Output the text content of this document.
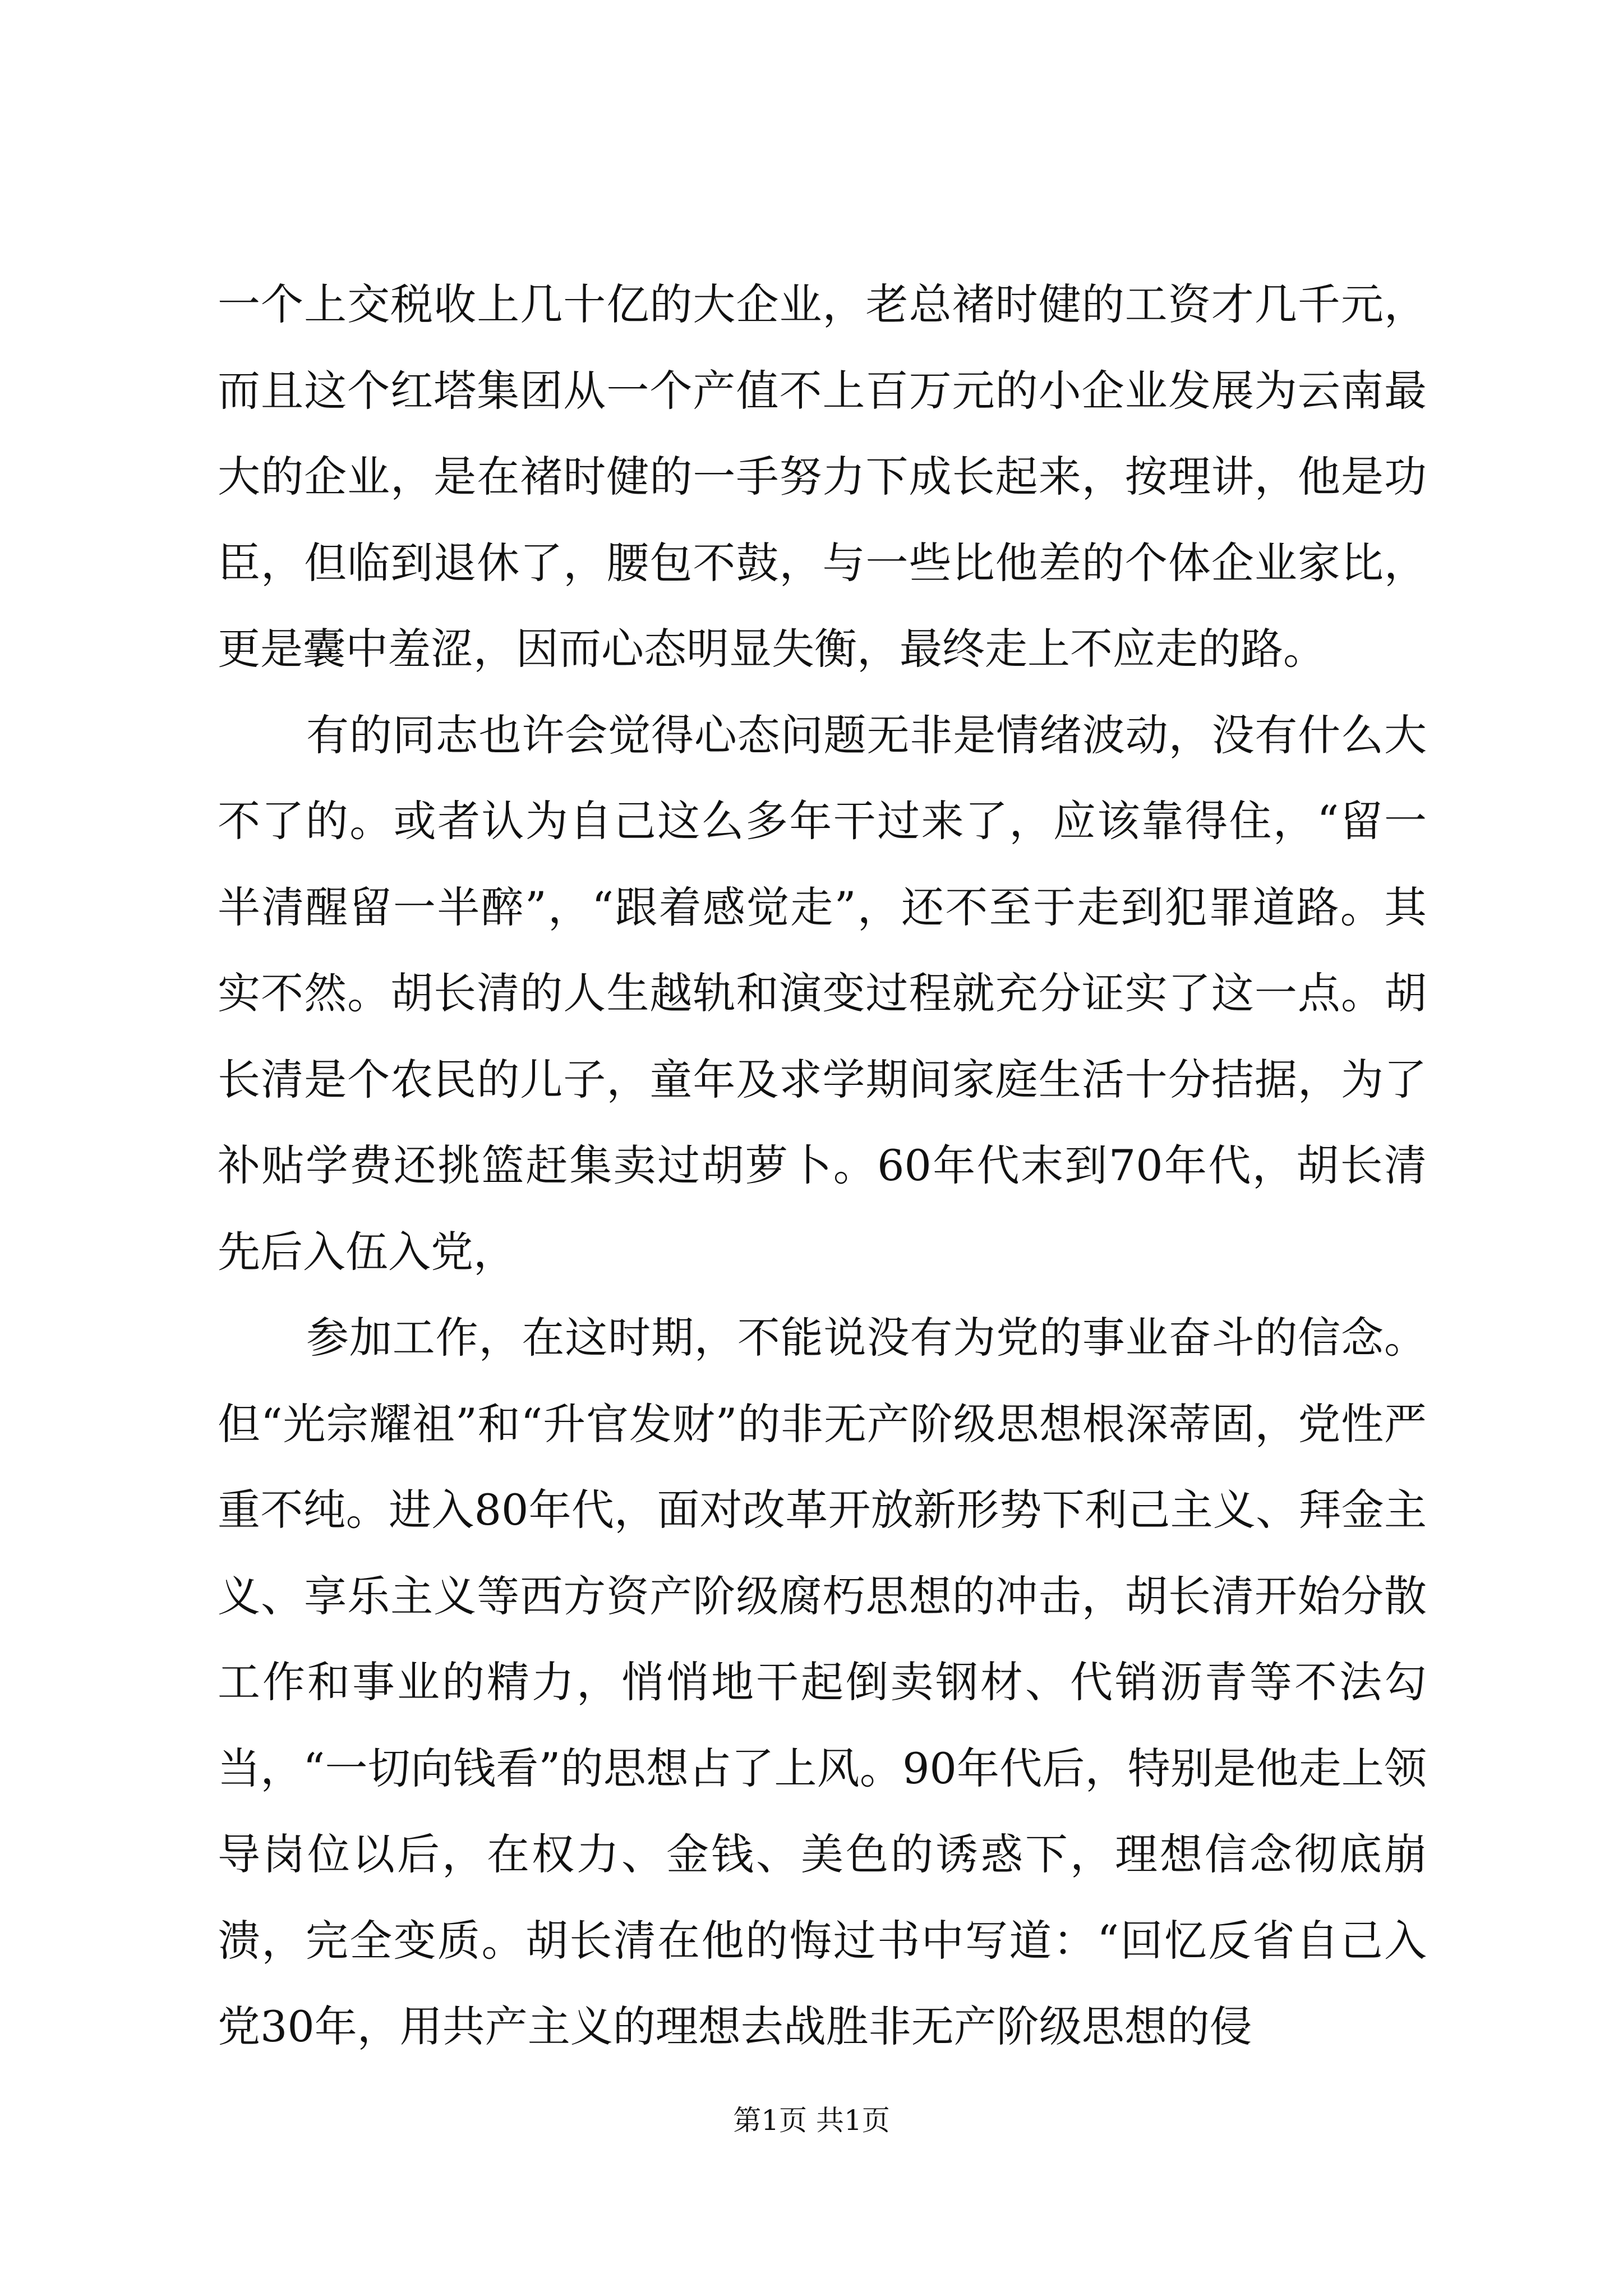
一个上交税收上几十亿的大企业，老总褚时健的工资才几千元，而且这个红塔集团从一个产值不上百万元的小企业发展为云南最大的企业，是在褚时健的一手努力下成长起来，按理讲，他是功臣，但临到退休了，腰包不鼓，与一些比他差的个体企业家比，更是囊中羞涩，因而心态明显失衡，最终走上不应走的路。

有的同志也许会觉得心态问题无非是情绪波动，没有什么大不了的。或者认为自己这么多年干过来了，应该靠得住，“留一半清醒留一半醉”，“跟着感觉走”，还不至于走到犯罪道路。其实不然。胡长清的人生越轨和演变过程就充分证实了这一点。胡长清是个农民的儿子，童年及求学期间家庭生活十分拮据，为了补贴学费还挑篮赶集卖过胡萝卜。60年代末到70年代，胡长清先后入伍入党，

参加工作，在这时期，不能说没有为党的事业奋斗的信念。但“光宗耀祖”和“升官发财”的非无产阶级思想根深蒂固，党性严重不纯。进入80年代，面对改革开放新形势下利己主义、拜金主义、享乐主义等西方资产阶级腐朽思想的冲击，胡长清开始分散工作和事业的精力，悄悄地干起倒卖钢材、代销沥青等不法勾当，“一切向钱看”的思想占了上风。90年代后，特别是他走上领导岗位以后，在权力、金钱、美色的诱惑下，理想信念彻底崩溃，完全变质。胡长清在他的悔过书中写道：“回忆反省自己入党30年，用共产主义的理想去战胜非无产阶级思想的侵

第1页 共1页
